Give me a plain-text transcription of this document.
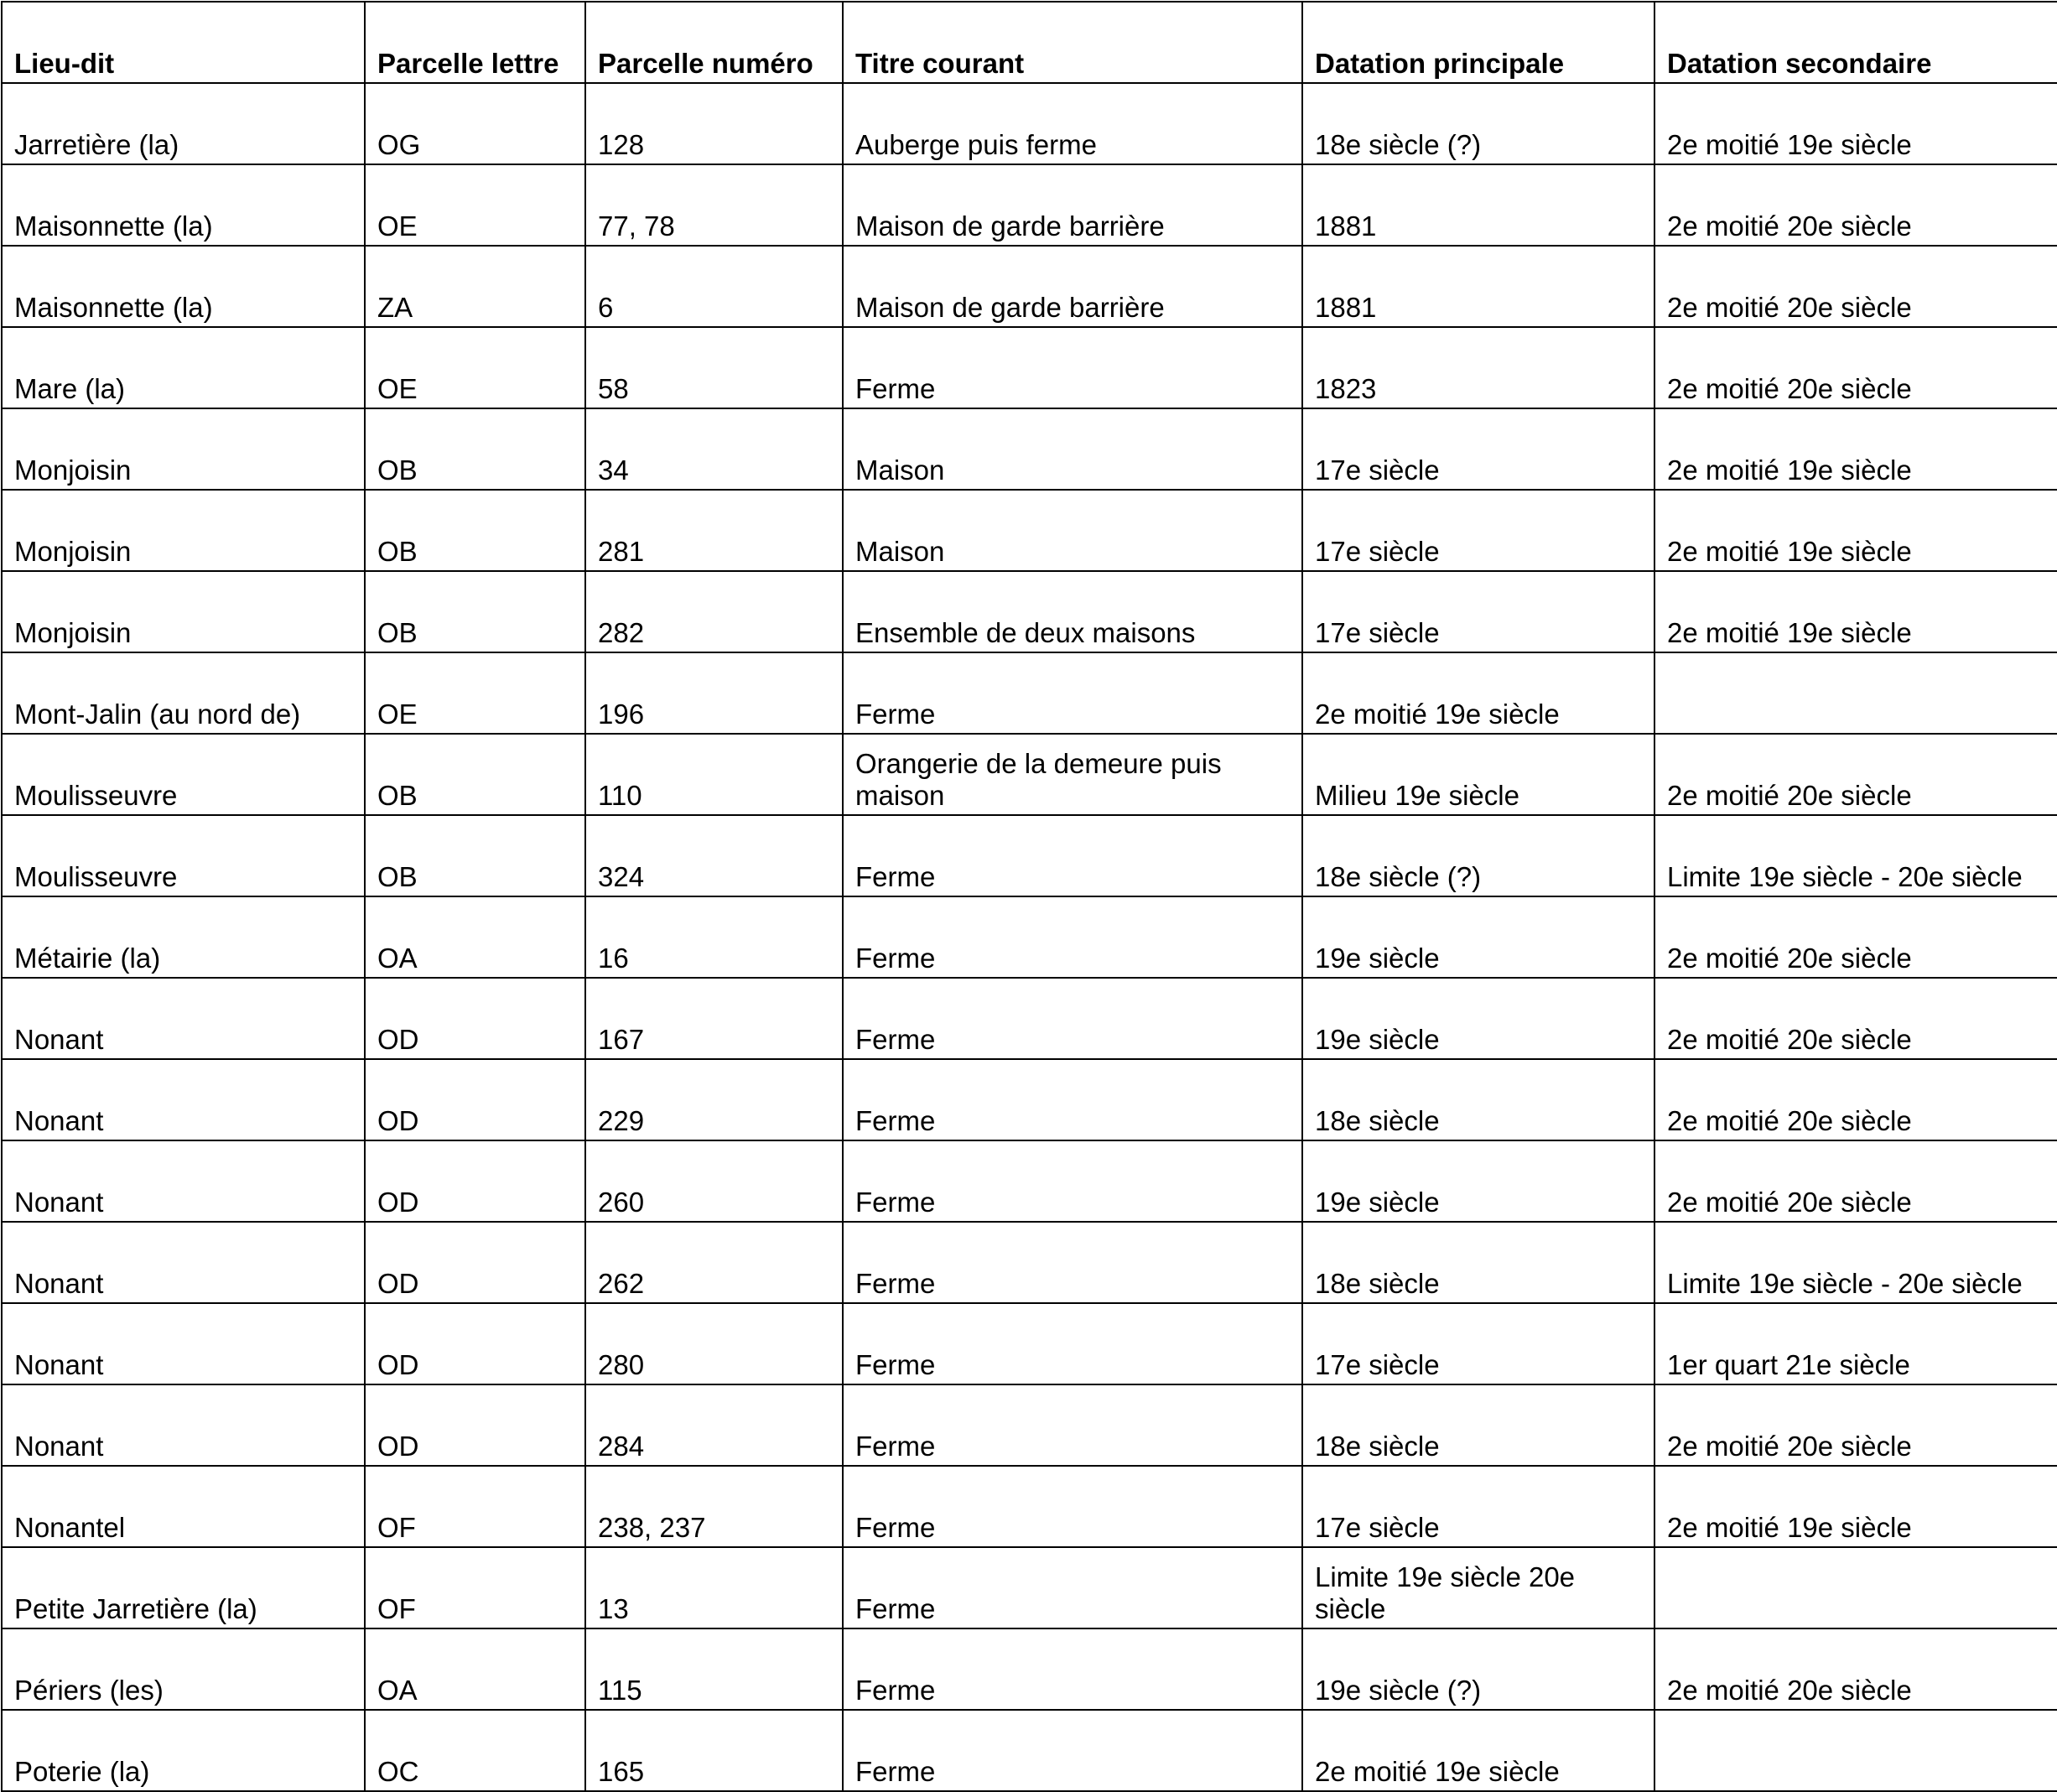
Lieu-dit	Parcelle lettre	Parcelle numéro	Titre courant	Datation principale	Datation secondaire
Jarretière (la)	OG	128	Auberge puis ferme	18e siècle (?)	2e moitié 19e siècle
Maisonnette (la)	OE	77, 78	Maison de garde barrière	1881	2e moitié 20e siècle
Maisonnette (la)	ZA	6	Maison de garde barrière	1881	2e moitié 20e siècle
Mare (la)	OE	58	Ferme	1823	2e moitié 20e siècle
Monjoisin	OB	34	Maison	17e siècle	2e moitié 19e siècle
Monjoisin	OB	281	Maison	17e siècle	2e moitié 19e siècle
Monjoisin	OB	282	Ensemble de deux maisons	17e siècle	2e moitié 19e siècle
Mont-Jalin (au nord de)	OE	196	Ferme	2e moitié 19e siècle	
Moulisseuvre	OB	110	Orangerie de la demeure puis maison	Milieu 19e siècle	2e moitié 20e siècle
Moulisseuvre	OB	324	Ferme	18e siècle (?)	Limite 19e siècle - 20e siècle
Métairie (la)	OA	16	Ferme	19e siècle	2e moitié 20e siècle
Nonant	OD	167	Ferme	19e siècle	2e moitié 20e siècle
Nonant	OD	229	Ferme	18e siècle	2e moitié 20e siècle
Nonant	OD	260	Ferme	19e siècle	2e moitié 20e siècle
Nonant	OD	262	Ferme	18e siècle	Limite 19e siècle - 20e siècle
Nonant	OD	280	Ferme	17e siècle	1er quart 21e siècle
Nonant	OD	284	Ferme	18e siècle	2e moitié 20e siècle
Nonantel	OF	238, 237	Ferme	17e siècle	2e moitié 19e siècle
Petite Jarretière (la)	OF	13	Ferme	Limite 19e siècle 20e siècle	
Périers (les)	OA	115	Ferme	19e siècle (?)	2e moitié 20e siècle
Poterie (la)	OC	165	Ferme	2e moitié 19e siècle	
